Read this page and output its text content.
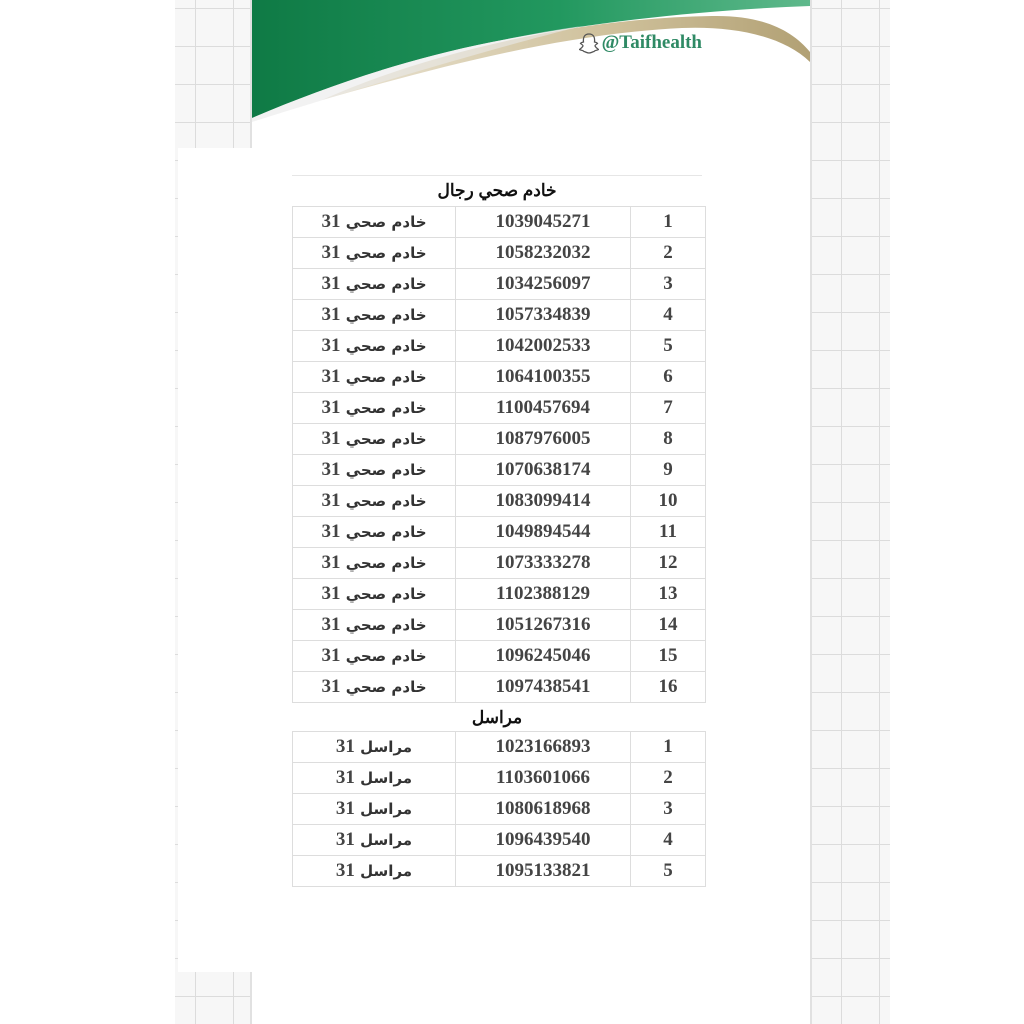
@Taifhealth
خادم صحي رجال
خادم صحي 31	1039045271	1
خادم صحي 31	1058232032	2
خادم صحي 31	1034256097	3
خادم صحي 31	1057334839	4
خادم صحي 31	1042002533	5
خادم صحي 31	1064100355	6
خادم صحي 31	1100457694	7
خادم صحي 31	1087976005	8
خادم صحي 31	1070638174	9
خادم صحي 31	1083099414	10
خادم صحي 31	1049894544	11
خادم صحي 31	1073333278	12
خادم صحي 31	1102388129	13
خادم صحي 31	1051267316	14
خادم صحي 31	1096245046	15
خادم صحي 31	1097438541	16
مراسل
مراسل 31	1023166893	1
مراسل 31	1103601066	2
مراسل 31	1080618968	3
مراسل 31	1096439540	4
مراسل 31	1095133821	5
